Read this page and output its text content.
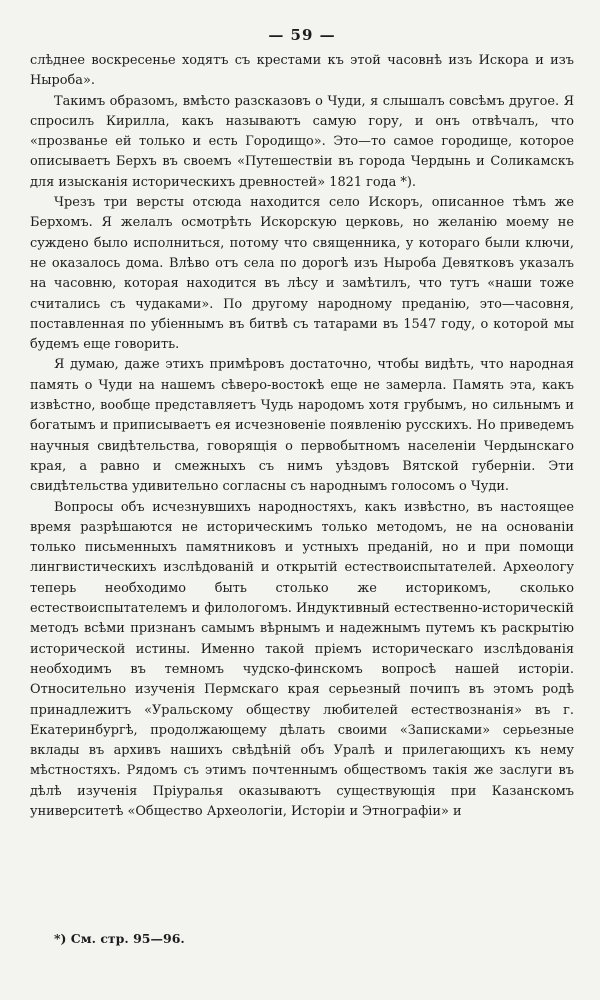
— 59 —

слѣднее воскресенье ходятъ съ крестами къ этой часовнѣ изъ Искора и изъ Ныроба».

Такимъ образомъ, вмѣсто разсказовъ о Чуди, я слышалъ совсѣмъ другое. Я спросилъ Кирилла, какъ называютъ самую гору, и онъ отвѣчалъ, что «прозванье ей только и есть Городищо». Это—то самое городище, которое описываетъ Берхъ въ своемъ «Путешествіи въ города Чердынь и Соликамскъ для изысканія историческихъ древностей» 1821 года *).

Чрезъ три версты отсюда находится село Искоръ, описанное тѣмъ же Берхомъ. Я желалъ осмотрѣть Искорскую церковь, но желанію моему не суждено было исполниться, потому что священника, у котораго были ключи, не оказалось дома. Влѣво отъ села по дорогѣ изъ Ныроба Девятковъ указалъ на часовню, которая находится въ лѣсу и замѣтилъ, что тутъ «наши тоже считались съ чудаками». По другому народному преданію, это—часовня, поставленная по убіеннымъ въ битвѣ съ татарами въ 1547 году, о которой мы будемъ еще говорить.

Я думаю, даже этихъ примѣровъ достаточно, чтобы видѣть, что народная память о Чуди на нашемъ сѣверо-востокѣ еще не замерла. Память эта, какъ извѣстно, вообще представляетъ Чудь народомъ хотя грубымъ, но сильнымъ и богатымъ и приписываетъ ея исчезновеніе появленію русскихъ. Но приведемъ научныя свидѣтельства, говорящія о первобытномъ населеніи Чердынскаго края, а равно и смежныхъ съ нимъ уѣздовъ Вятской губерніи. Эти свидѣтельства удивительно согласны съ народнымъ голосомъ о Чуди.

Вопросы объ исчезнувшихъ народностяхъ, какъ извѣстно, въ настоящее время разрѣшаются не историческимъ только методомъ, не на основаніи только письменныхъ памятниковъ и устныхъ преданій, но и при помощи лингвистическихъ изслѣдованій и открытій естествоиспытателей. Археологу теперь необходимо быть столько же историкомъ, сколько естествоиспытателемъ и филологомъ. Индуктивный естественно-историческій методъ всѣми признанъ самымъ вѣрнымъ и надежнымъ путемъ къ раскрытію исторической истины. Именно такой пріемъ историческаго изслѣдованія необходимъ въ темномъ чудско-финскомъ вопросѣ нашей исторіи. Относительно изученія Пермскаго края серьезный почипъ въ этомъ родѣ принадлежитъ «Уральскому обществу любителей естествознанія» въ г. Екатеринбургѣ, продолжающему дѣлать своими «Записками» серьезные вклады въ архивъ нашихъ свѣдѣній объ Уралѣ и прилегающихъ къ нему мѣстностяхъ. Рядомъ съ этимъ почтеннымъ обществомъ такія же заслуги въ дѣлѣ изученія Пріуралья оказываютъ существующія при Казанскомъ университетѣ «Общество Археологіи, Исторіи и Этнографіи» и

*) См. стр. 95—96.
